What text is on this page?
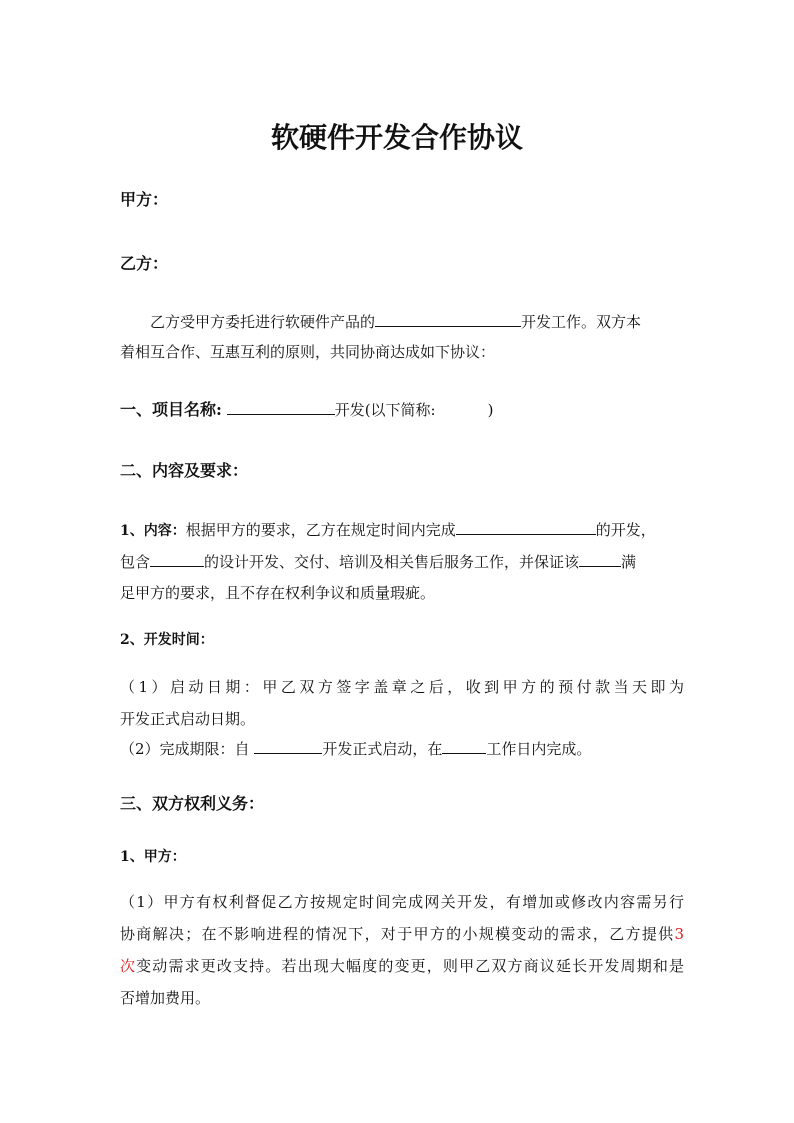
软硬件开发合作协议
甲方：
乙方：
乙方受甲方委托进行软硬件产品的	开发工作。双方本
着相互合作、互惠互利的原则，共同协商达成如下协议：
一、项目名称:	开发(以下简称:	)
二、内容及要求：
1、内容：根据甲方的要求，乙方在规定时间内完成	的开发，
包含	的设计开发、交付、培训及相关售后服务工作，并保证该	满
足甲方的要求，且不存在权利争议和质量瑕疵。
2、开发时间：
（1）启动日期：甲乙双方签字盖章之后，收到甲方的预付款当天即为
开发正式启动日期。
（2）完成期限：自	开发正式启动，在	工作日内完成。
三、双方权利义务：
1、甲方：
（1）甲方有权利督促乙方按规定时间完成网关开发，有增加或修改内容需另行
协商解决；在不影响进程的情况下，对于甲方的小规模变动的需求，乙方提供3
次变动需求更改支持。若出现大幅度的变更，则甲乙双方商议延长开发周期和是
否增加费用。
